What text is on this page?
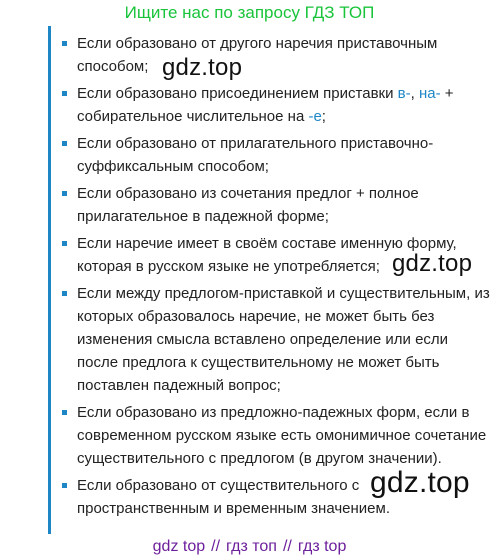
Ищите нас по запросу ГДЗ ТОП
Если образовано от другого наречия приставочным способом;
Если образовано присоединением приставки в-, на- + собирательное числительное на -е;
Если образовано от прилагательного приставочно-суффиксальным способом;
Если образовано из сочетания предлог + полное прилагательное в падежной форме;
Если наречие имеет в своём составе именную форму, которая в русском языке не употребляется;
Если между предлогом-приставкой и существительным, из которых образовалось наречие, не может быть без изменения смысла вставлено определение или если после предлога к существительному не может быть поставлен падежный вопрос;
Если образовано из предложно-падежных форм, если в современном русском языке есть омонимичное сочетание существительного с предлогом (в другом значении).
Если образовано от существительного с пространственным и временным значением.
gdz.top
gdz.top
gdz.top
gdz top // гдз топ // гдз top
